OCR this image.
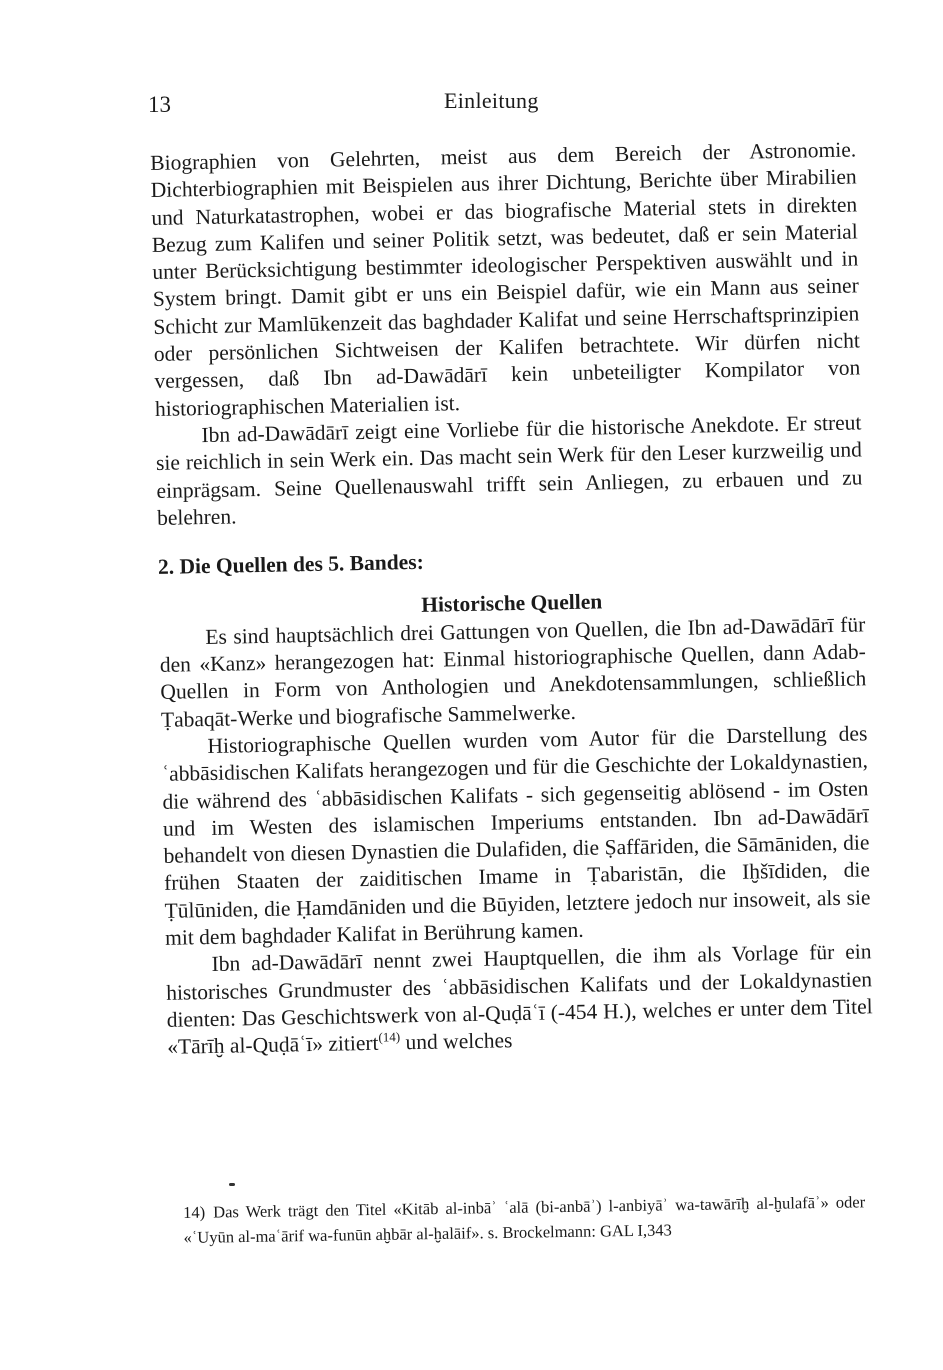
13	Einleitung

Biographien von Gelehrten, meist aus dem Bereich der Astronomie. Dichterbiographien mit Beispielen aus ihrer Dichtung, Berichte über Mirabilien und Naturkatastrophen, wobei er das biografische Material stets in direkten Bezug zum Kalifen und seiner Politik setzt, was bedeutet, daß er sein Material unter Berücksichtigung bestimmter ideologischer Perspektiven auswählt und in System bringt. Damit gibt er uns ein Beispiel dafür, wie ein Mann aus seiner Schicht zur Mamlūkenzeit das baghdader Kalifat und seine Herrschaftsprinzipien oder persönlichen Sichtweisen der Kalifen betrachtete. Wir dürfen nicht vergessen, daß Ibn ad-Dawādārī kein unbeteiligter Kompilator von historiographischen Materialien ist.

Ibn ad-Dawādārī zeigt eine Vorliebe für die historische Anekdote. Er streut sie reichlich in sein Werk ein. Das macht sein Werk für den Leser kurzweilig und einprägsam. Seine Quellenauswahl trifft sein Anliegen, zu erbauen und zu belehren.

2. Die Quellen des 5. Bandes:
Historische Quellen

Es sind hauptsächlich drei Gattungen von Quellen, die Ibn ad-Dawādārī für den «Kanz» herangezogen hat: Einmal historiographische Quellen, dann Adab-Quellen in Form von Anthologien und Anekdotensammlungen, schließlich Ṭabaqāt-Werke und biografische Sammelwerke.

Historiographische Quellen wurden vom Autor für die Darstellung des ʿabbāsidischen Kalifats herangezogen und für die Geschichte der Lokaldynastien, die während des ʿabbāsidischen Kalifats - sich gegenseitig ablösend - im Osten und im Westen des islamischen Imperiums entstanden. Ibn ad-Dawādārī behandelt von diesen Dynastien die Dulafiden, die Ṣaffāriden, die Sāmāniden, die frühen Staaten der zaiditischen Imame in Ṭabaristān, die Iḫšīdiden, die Ṭūlūniden, die Ḥamdāniden und die Būyiden, letztere jedoch nur insoweit, als sie mit dem baghdader Kalifat in Berührung kamen.

Ibn ad-Dawādārī nennt zwei Hauptquellen, die ihm als Vorlage für ein historisches Grundmuster des ʿabbāsidischen Kalifats und der Lokaldynastien dienten: Das Geschichtswerk von al-Quḍāʿī (-454 H.), welches er unter dem Titel «Tārīḫ al-Quḍāʿī» zitiert$^{(14)}$ und welches

14) Das Werk trägt den Titel «Kitāb al-inbāʾ ʿalā (bi-anbāʾ) l-anbiyāʾ wa-tawārīḫ al-ḫulafāʾ» oder «ʿUyūn al-maʿārif wa-funūn aḫbār al-ḫalāif». s. Brockelmann: GAL I,343
